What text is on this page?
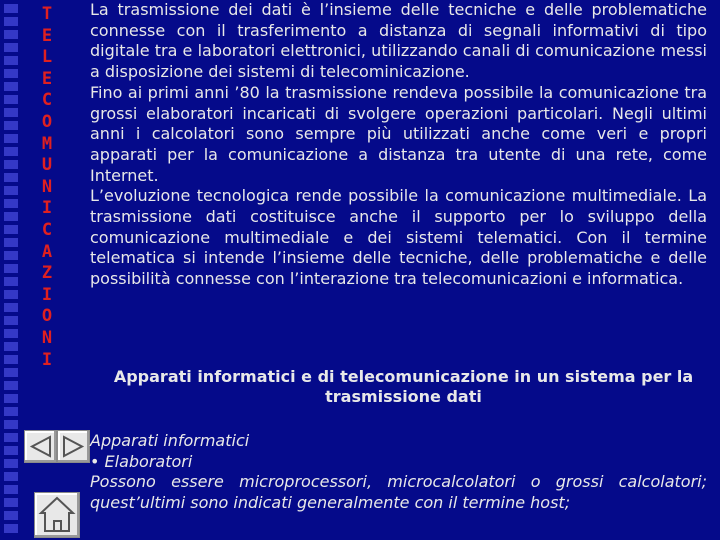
T
E
L
E
C
O
M
U
N
I
C
A
Z
I
O
N
I

La trasmissione dei dati è l’insieme delle tecniche e delle problematiche connesse con il trasferimento a distanza di segnali informativi di tipo digitale tra e laboratori elettronici, utilizzando canali di comunicazione messi a disposizione dei sistemi di telecominicazione.
Fino ai primi anni ’80 la trasmissione rendeva possibile la comunicazione tra grossi elaboratori incaricati di svolgere operazioni particolari. Negli ultimi anni i calcolatori sono sempre più utilizzati anche come veri e propri apparati per la comunicazione a distanza tra utente di una rete, come Internet.
L’evoluzione tecnologica rende possibile la comunicazione multimediale. La trasmissione dati costituisce anche il supporto per lo sviluppo della comunicazione multimediale e dei sistemi telematici. Con il termine telematica si intende l’insieme delle tecniche, delle problematiche e delle possibilità connesse con l’interazione tra telecomunicazioni e informatica.

Apparati informatici e di telecomunicazione in un sistema per la trasmissione dati

Apparati informatici
• Elaboratori
Possono essere microprocessori, microcalcolatori o grossi calcolatori; quest’ultimi sono indicati generalmente con il termine host;
